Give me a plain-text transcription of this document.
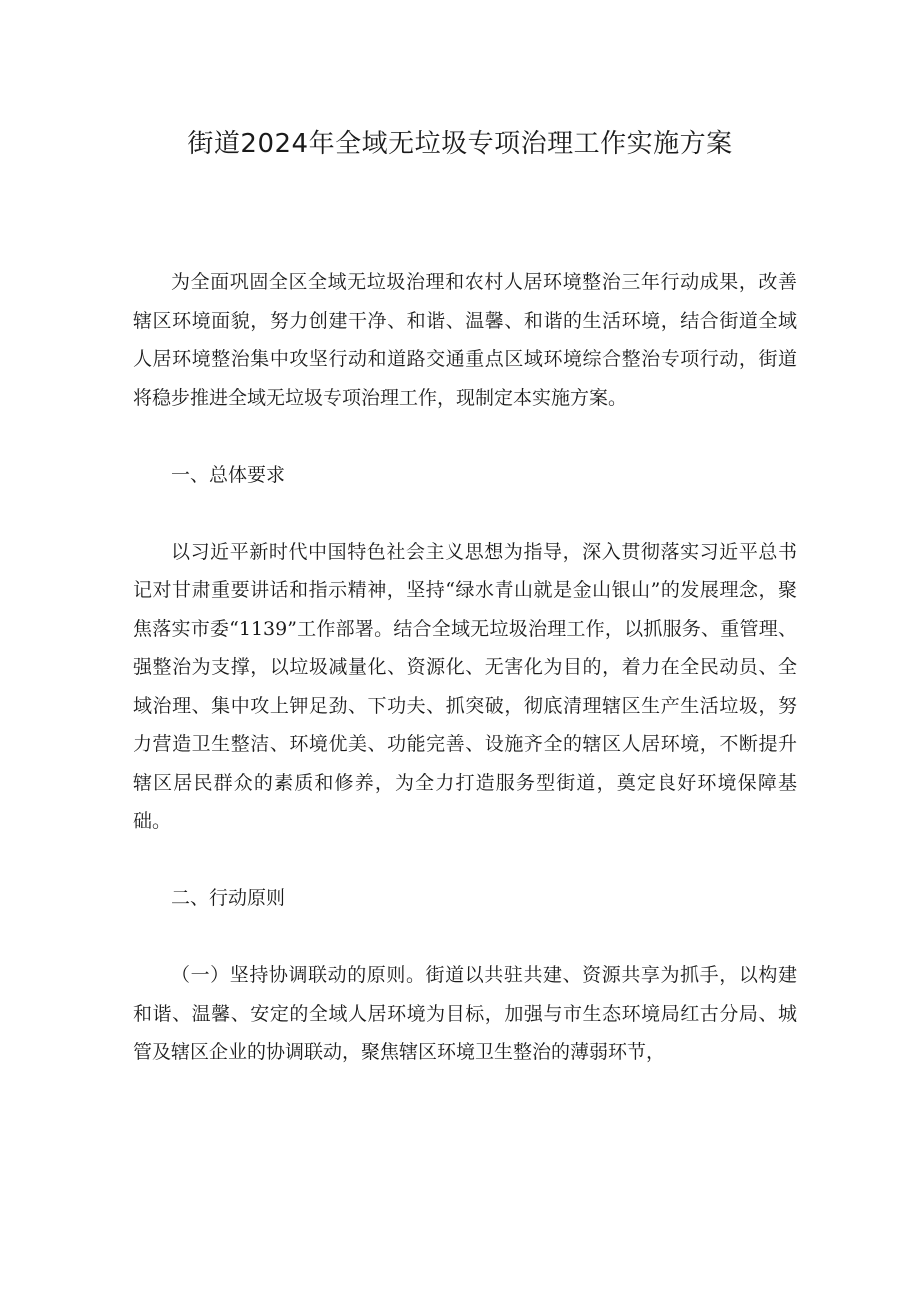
街道2024年全域无垃圾专项治理工作实施方案

为全面巩固全区全域无垃圾治理和农村人居环境整治三年行动成果，改善辖区环境面貌，努力创建干净、和谐、温馨、和谐的生活环境，结合街道全域人居环境整治集中攻坚行动和道路交通重点区域环境综合整治专项行动，街道将稳步推进全域无垃圾专项治理工作，现制定本实施方案。

一、总体要求

以习近平新时代中国特色社会主义思想为指导，深入贯彻落实习近平总书记对甘肃重要讲话和指示精神，坚持“绿水青山就是金山银山”的发展理念，聚焦落实市委“1139”工作部署。结合全域无垃圾治理工作，以抓服务、重管理、强整治为支撑，以垃圾减量化、资源化、无害化为目的，着力在全民动员、全域治理、集中攻上钾足劲、下功夫、抓突破，彻底清理辖区生产生活垃圾，努力营造卫生整洁、环境优美、功能完善、设施齐全的辖区人居环境，不断提升辖区居民群众的素质和修养，为全力打造服务型街道，奠定良好环境保障基础。

二、行动原则

（一）坚持协调联动的原则。街道以共驻共建、资源共享为抓手，以构建和谐、温馨、安定的全域人居环境为目标，加强与市生态环境局红古分局、城管及辖区企业的协调联动，聚焦辖区环境卫生整治的薄弱环节，
